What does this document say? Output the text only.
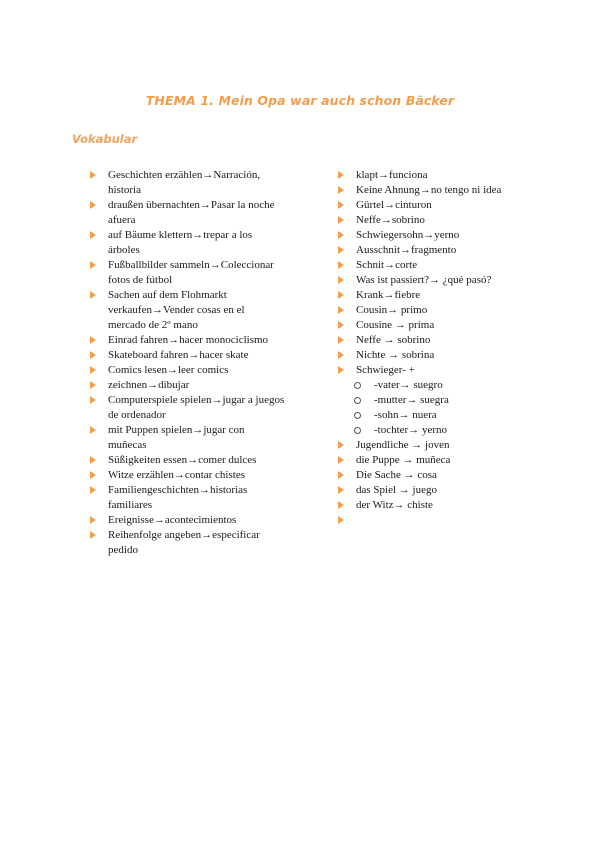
THEMA 1. Mein Opa war auch schon Bäcker
Vokabular
Geschichten erzählen→Narración, historia
draußen übernachten→Pasar la noche afuera
auf Bäume klettern→trepar a los árboles
Fußballbilder sammeln→Coleccionar fotos de fútbol
Sachen auf dem Flohmarkt verkaufen→Vender cosas en el mercado de 2º mano
Einrad fahren→hacer monociclismo
Skateboard fahren→hacer skate
Comics lesen→leer comics
zeichnen→dibujar
Computerspiele spielen→jugar a juegos de ordenador
mit Puppen spielen→jugar con muñecas
Süßigkeiten essen→comer dulces
Witze erzählen→contar chistes
Familiengeschichten→historias familiares
Ereignisse→acontecimientos
Reihenfolge angeben→especificar pedido
klapt→funciona
Keine Ahnung→no tengo ni idea
Gürtel→cinturon
Neffe→sobrino
Schwiegersohn→yerno
Ausschnit→fragmento
Schnit→corte
Was ist passiert?→ ¿qué pasó?
Krank→fiebre
Cousin→ primo
Cousine → prima
Neffe → sobrino
Nichte → sobrina
Schwieger- +
-vater→ suegro
-mutter→ suegra
-sohn→ nuera
-tochter→ yerno
Jugendliche → joven
die Puppe → muñeca
Die Sache → cosa
das Spiel → juego
der Witz→ chiste
